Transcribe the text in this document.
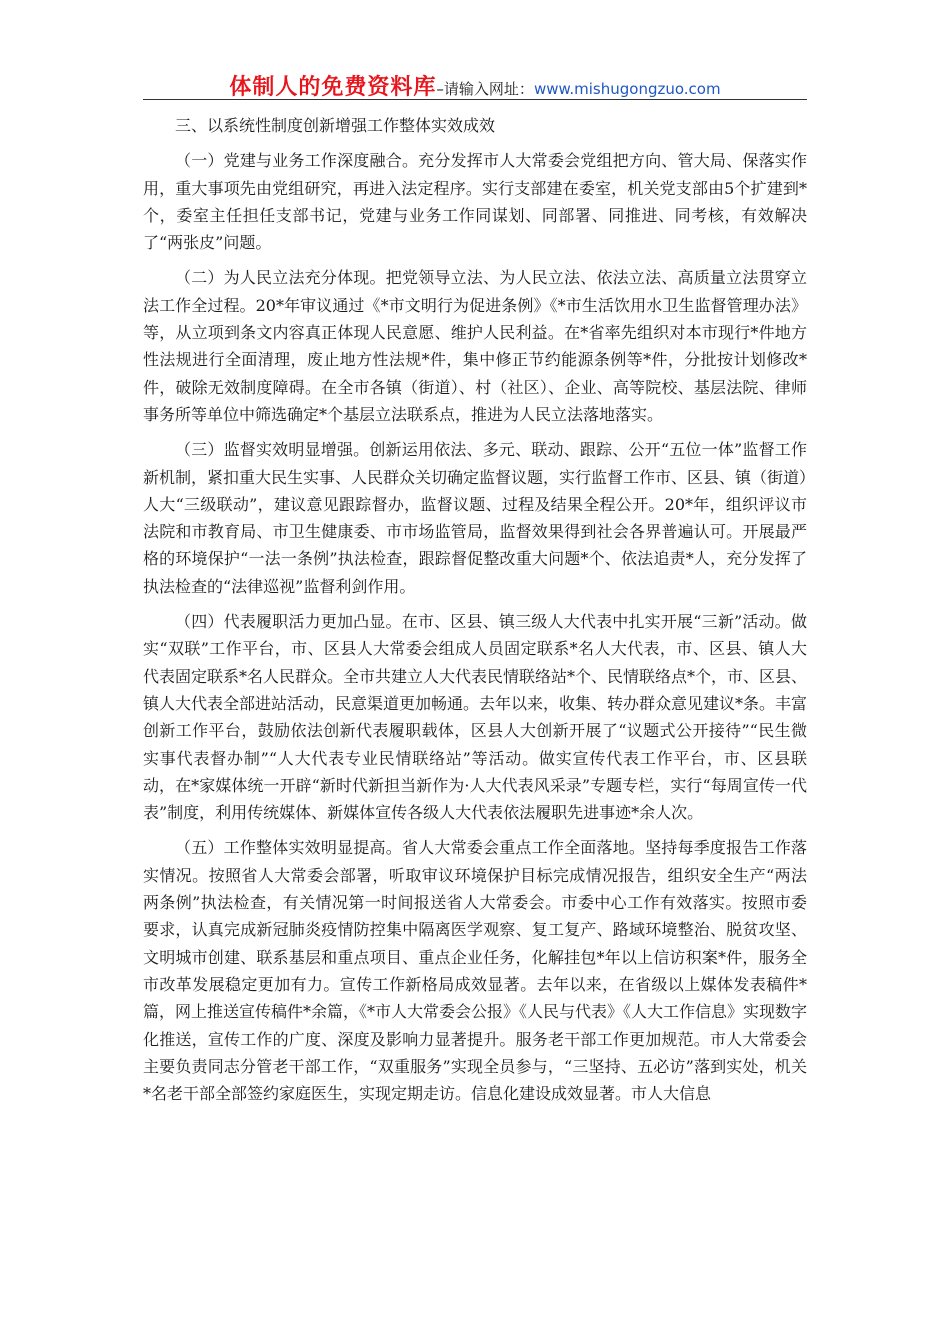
体制人的免费资料库–请输入网址：www.mishugongzuo.com

三、以系统性制度创新增强工作整体实效成效

（一）党建与业务工作深度融合。充分发挥市人大常委会党组把方向、管大局、保落实作用，重大事项先由党组研究，再进入法定程序。实行支部建在委室，机关党支部由5个扩建到*个，委室主任担任支部书记，党建与业务工作同谋划、同部署、同推进、同考核，有效解决了“两张皮”问题。

（二）为人民立法充分体现。把党领导立法、为人民立法、依法立法、高质量立法贯穿立法工作全过程。20*年审议通过《*市文明行为促进条例》《*市生活饮用水卫生监督管理办法》等，从立项到条文内容真正体现人民意愿、维护人民利益。在*省率先组织对本市现行*件地方性法规进行全面清理，废止地方性法规*件，集中修正节约能源条例等*件，分批按计划修改*件，破除无效制度障碍。在全市各镇（街道）、村（社区）、企业、高等院校、基层法院、律师事务所等单位中筛选确定*个基层立法联系点，推进为人民立法落地落实。

（三）监督实效明显增强。创新运用依法、多元、联动、跟踪、公开“五位一体”监督工作新机制，紧扣重大民生实事、人民群众关切确定监督议题，实行监督工作市、区县、镇（街道）人大“三级联动”，建议意见跟踪督办，监督议题、过程及结果全程公开。20*年，组织评议市法院和市教育局、市卫生健康委、市市场监管局，监督效果得到社会各界普遍认可。开展最严格的环境保护“一法一条例”执法检查，跟踪督促整改重大问题*个、依法追责*人，充分发挥了执法检查的“法律巡视”监督利剑作用。

（四）代表履职活力更加凸显。在市、区县、镇三级人大代表中扎实开展“三新”活动。做实“双联”工作平台，市、区县人大常委会组成人员固定联系*名人大代表，市、区县、镇人大代表固定联系*名人民群众。全市共建立人大代表民情联络站*个、民情联络点*个，市、区县、镇人大代表全部进站活动，民意渠道更加畅通。去年以来，收集、转办群众意见建议*条。丰富创新工作平台，鼓励依法创新代表履职载体，区县人大创新开展了“议题式公开接待”“民生微实事代表督办制”“人大代表专业民情联络站”等活动。做实宣传代表工作平台，市、区县联动，在*家媒体统一开辟“新时代新担当新作为·人大代表风采录”专题专栏，实行“每周宣传一代表”制度，利用传统媒体、新媒体宣传各级人大代表依法履职先进事迹*余人次。

（五）工作整体实效明显提高。省人大常委会重点工作全面落地。坚持每季度报告工作落实情况。按照省人大常委会部署，听取审议环境保护目标完成情况报告，组织安全生产“两法两条例”执法检查，有关情况第一时间报送省人大常委会。市委中心工作有效落实。按照市委要求，认真完成新冠肺炎疫情防控集中隔离医学观察、复工复产、路域环境整治、脱贫攻坚、文明城市创建、联系基层和重点项目、重点企业任务，化解挂包*年以上信访积案*件，服务全市改革发展稳定更加有力。宣传工作新格局成效显著。去年以来，在省级以上媒体发表稿件*篇，网上推送宣传稿件*余篇，《*市人大常委会公报》《人民与代表》《人大工作信息》实现数字化推送，宣传工作的广度、深度及影响力显著提升。服务老干部工作更加规范。市人大常委会主要负责同志分管老干部工作，“双重服务”实现全员参与，“三坚持、五必访”落到实处，机关*名老干部全部签约家庭医生，实现定期走访。信息化建设成效显著。市人大信息
